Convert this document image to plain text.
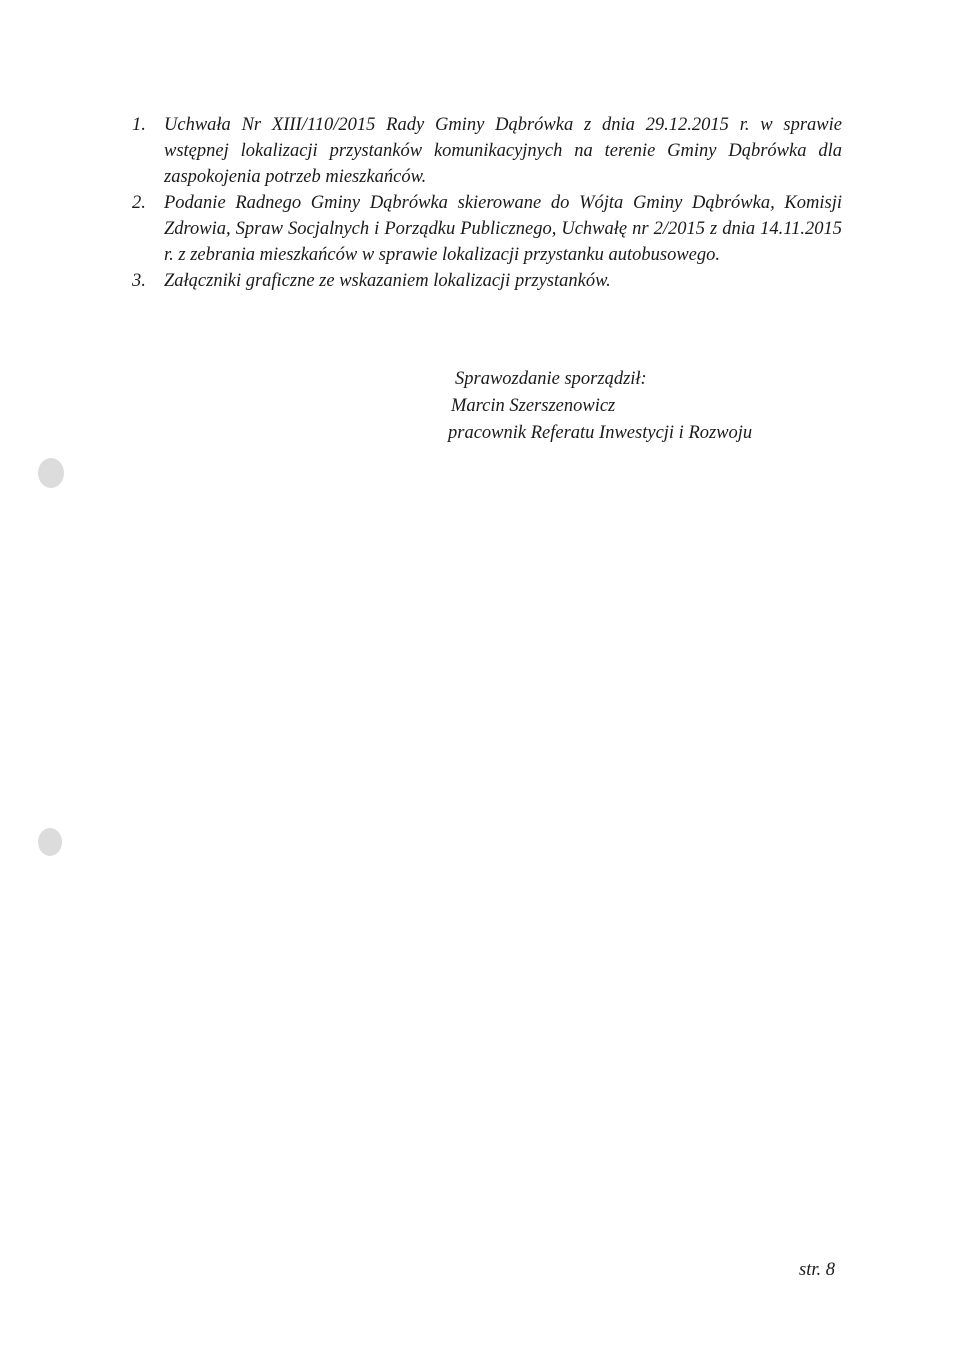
1. Uchwała Nr XIII/110/2015 Rady Gminy Dąbrówka z dnia 29.12.2015 r. w sprawie wstępnej lokalizacji przystanków komunikacyjnych na terenie Gminy Dąbrówka dla zaspokojenia potrzeb mieszkańców.
2. Podanie Radnego Gminy Dąbrówka skierowane do Wójta Gminy Dąbrówka, Komisji Zdrowia, Spraw Socjalnych i Porządku Publicznego, Uchwałę nr 2/2015 z dnia 14.11.2015 r. z zebrania mieszkańców w sprawie lokalizacji przystanku autobusowego.
3. Załączniki graficzne ze wskazaniem lokalizacji przystanków.
Sprawozdanie sporządził:
Marcin Szerszenowicz
pracownik Referatu Inwestycji i Rozwoju
str. 8
